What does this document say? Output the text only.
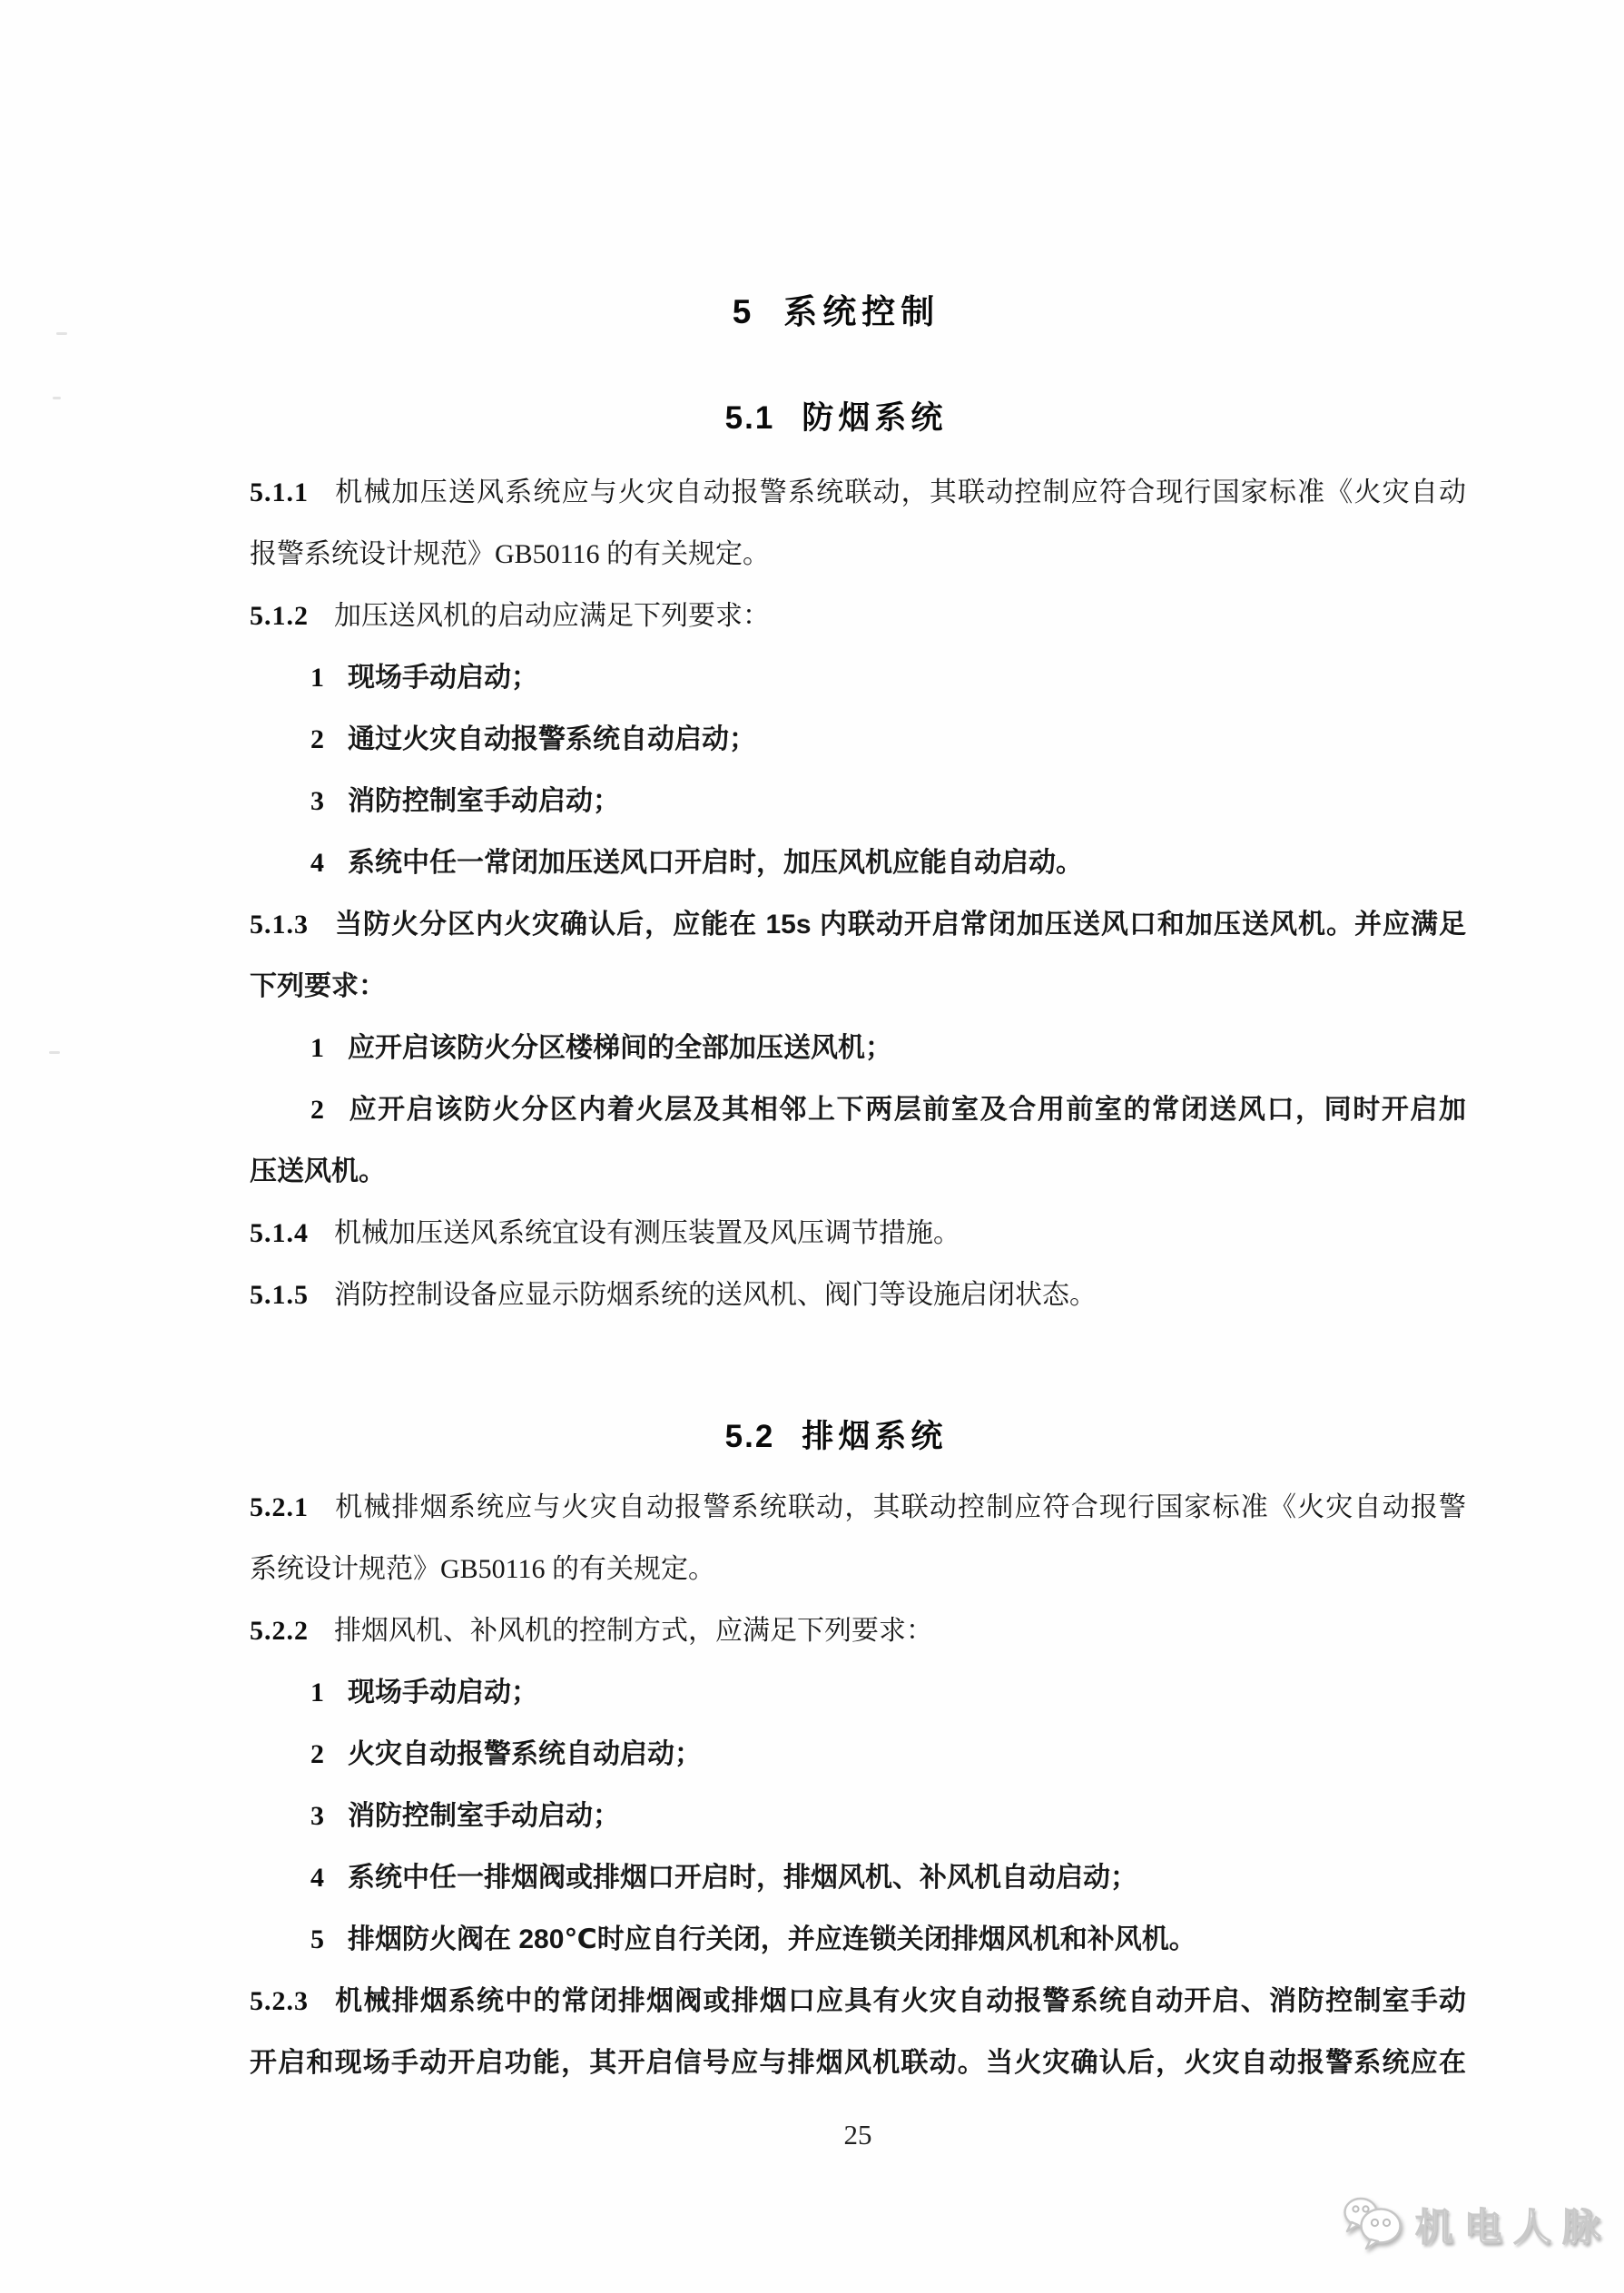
5 系统控制
5.1 防烟系统
5.1.1 机械加压送风系统应与火灾自动报警系统联动，其联动控制应符合现行国家标准《火灾自动
报警系统设计规范》GB50116 的有关规定。
5.1.2 加压送风机的启动应满足下列要求：
1 现场手动启动；
2 通过火灾自动报警系统自动启动；
3 消防控制室手动启动；
4 系统中任一常闭加压送风口开启时，加压风机应能自动启动。
5.1.3 当防火分区内火灾确认后，应能在 15s 内联动开启常闭加压送风口和加压送风机。并应满足
下列要求：
1 应开启该防火分区楼梯间的全部加压送风机；
2 应开启该防火分区内着火层及其相邻上下两层前室及合用前室的常闭送风口，同时开启加
压送风机。
5.1.4 机械加压送风系统宜设有测压装置及风压调节措施。
5.1.5 消防控制设备应显示防烟系统的送风机、阀门等设施启闭状态。
5.2 排烟系统
5.2.1 机械排烟系统应与火灾自动报警系统联动，其联动控制应符合现行国家标准《火灾自动报警
系统设计规范》GB50116 的有关规定。
5.2.2 排烟风机、补风机的控制方式，应满足下列要求：
1 现场手动启动；
2 火灾自动报警系统自动启动；
3 消防控制室手动启动；
4 系统中任一排烟阀或排烟口开启时，排烟风机、补风机自动启动；
5 排烟防火阀在 280℃时应自行关闭，并应连锁关闭排烟风机和补风机。
5.2.3 机械排烟系统中的常闭排烟阀或排烟口应具有火灾自动报警系统自动开启、消防控制室手动
开启和现场手动开启功能，其开启信号应与排烟风机联动。当火灾确认后，火灾自动报警系统应在
25
机电人脉
